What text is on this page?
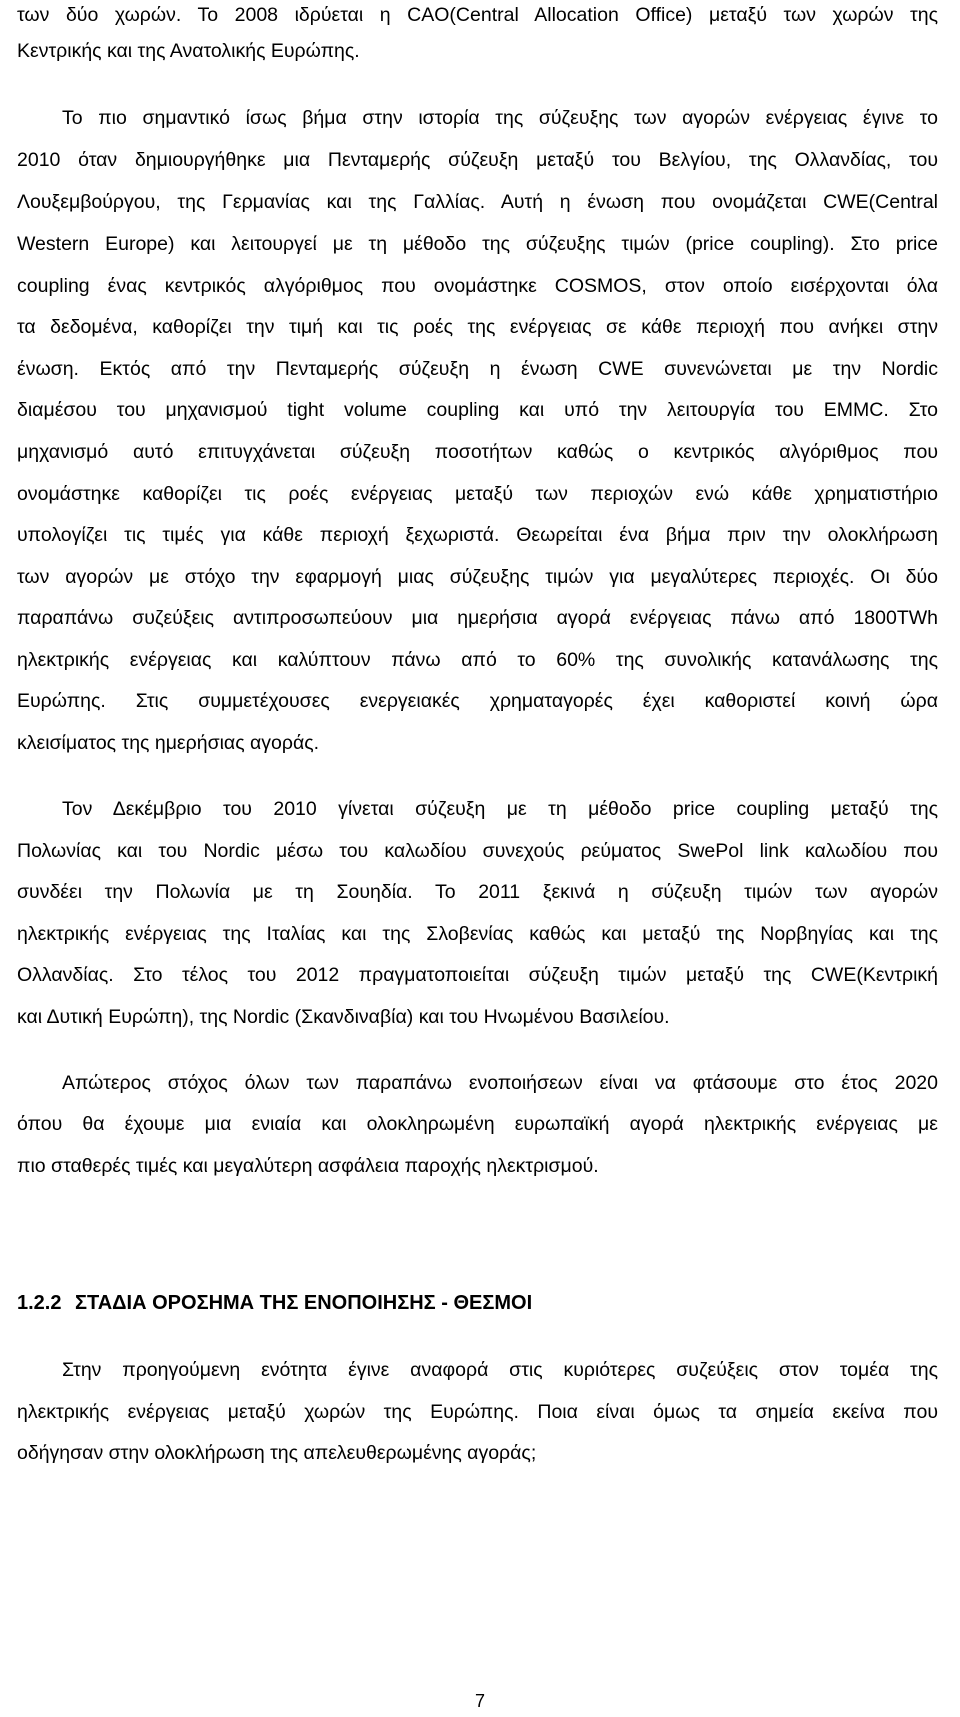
των δύο χωρών. Το 2008 ιδρύεται η CAO(Central Allocation Office) μεταξύ των χωρών της
Κεντρικής και της Ανατολικής Ευρώπης.
Το πιο σημαντικό ίσως βήμα στην ιστορία της σύζευξης των αγορών ενέργειας έγινε το
2010 όταν δημιουργήθηκε μια Πενταμερής σύζευξη μεταξύ του Βελγίου, της Ολλανδίας, του
Λουξεμβούργου, της Γερμανίας και της Γαλλίας. Αυτή η ένωση που ονομάζεται CWE(Central
Western Europe) και λειτουργεί με τη μέθοδο της σύζευξης τιμών (price coupling). Στο price
coupling ένας κεντρικός αλγόριθμος που ονομάστηκε COSMOS, στον οποίο εισέρχονται όλα
τα δεδομένα, καθορίζει την τιμή και τις ροές της ενέργειας σε κάθε περιοχή που ανήκει στην
ένωση. Εκτός από την Πενταμερής σύζευξη η ένωση CWE συνενώνεται με την Nordic
διαμέσου του μηχανισμού tight volume coupling και υπό την λειτουργία του EMMC. Στο
μηχανισμό αυτό επιτυγχάνεται σύζευξη ποσοτήτων καθώς ο κεντρικός αλγόριθμος που
ονομάστηκε καθορίζει τις ροές ενέργειας μεταξύ των περιοχών ενώ κάθε χρηματιστήριο
υπολογίζει τις τιμές για κάθε περιοχή ξεχωριστά. Θεωρείται ένα βήμα πριν την ολοκλήρωση
των αγορών με στόχο την εφαρμογή μιας σύζευξης τιμών για μεγαλύτερες περιοχές. Οι δύο
παραπάνω συζεύξεις αντιπροσωπεύουν μια ημερήσια αγορά ενέργειας πάνω από 1800TWh
ηλεκτρικής ενέργειας και καλύπτουν πάνω από το 60% της συνολικής κατανάλωσης της
Ευρώπης. Στις συμμετέχουσες ενεργειακές χρηματαγορές έχει καθοριστεί κοινή ώρα
κλεισίματος της ημερήσιας αγοράς.
Τον Δεκέμβριο του 2010 γίνεται σύζευξη με τη μέθοδο price coupling μεταξύ της
Πολωνίας και του Nordic μέσω του καλωδίου συνεχούς ρεύματος SwePol link καλωδίου που
συνδέει την Πολωνία με τη Σουηδία. Το 2011 ξεκινά η σύζευξη τιμών των αγορών
ηλεκτρικής ενέργειας της Ιταλίας και της Σλοβενίας καθώς και μεταξύ της Νορβηγίας και της
Ολλανδίας. Στο τέλος του 2012 πραγματοποιείται σύζευξη τιμών μεταξύ της CWE(Κεντρική
και Δυτική Ευρώπη), της Nordic (Σκανδιναβία) και του Ηνωμένου Βασιλείου.
Απώτερος στόχος όλων των παραπάνω ενοποιήσεων είναι να φτάσουμε στο έτος 2020
όπου θα έχουμε μια ενιαία και ολοκληρωμένη ευρωπαϊκή αγορά ηλεκτρικής ενέργειας με
πιο σταθερές τιμές και μεγαλύτερη ασφάλεια παροχής ηλεκτρισμού.
1.2.2 ΣΤΑΔΙΑ ΟΡΟΣΗΜΑ ΤΗΣ ΕΝΟΠΟΙΗΣΗΣ - ΘΕΣΜΟΙ
Στην προηγούμενη ενότητα έγινε αναφορά στις κυριότερες συζεύξεις στον τομέα της
ηλεκτρικής ενέργειας μεταξύ χωρών της Ευρώπης. Ποια είναι όμως τα σημεία εκείνα που
οδήγησαν στην ολοκλήρωση της απελευθερωμένης αγοράς;
7
